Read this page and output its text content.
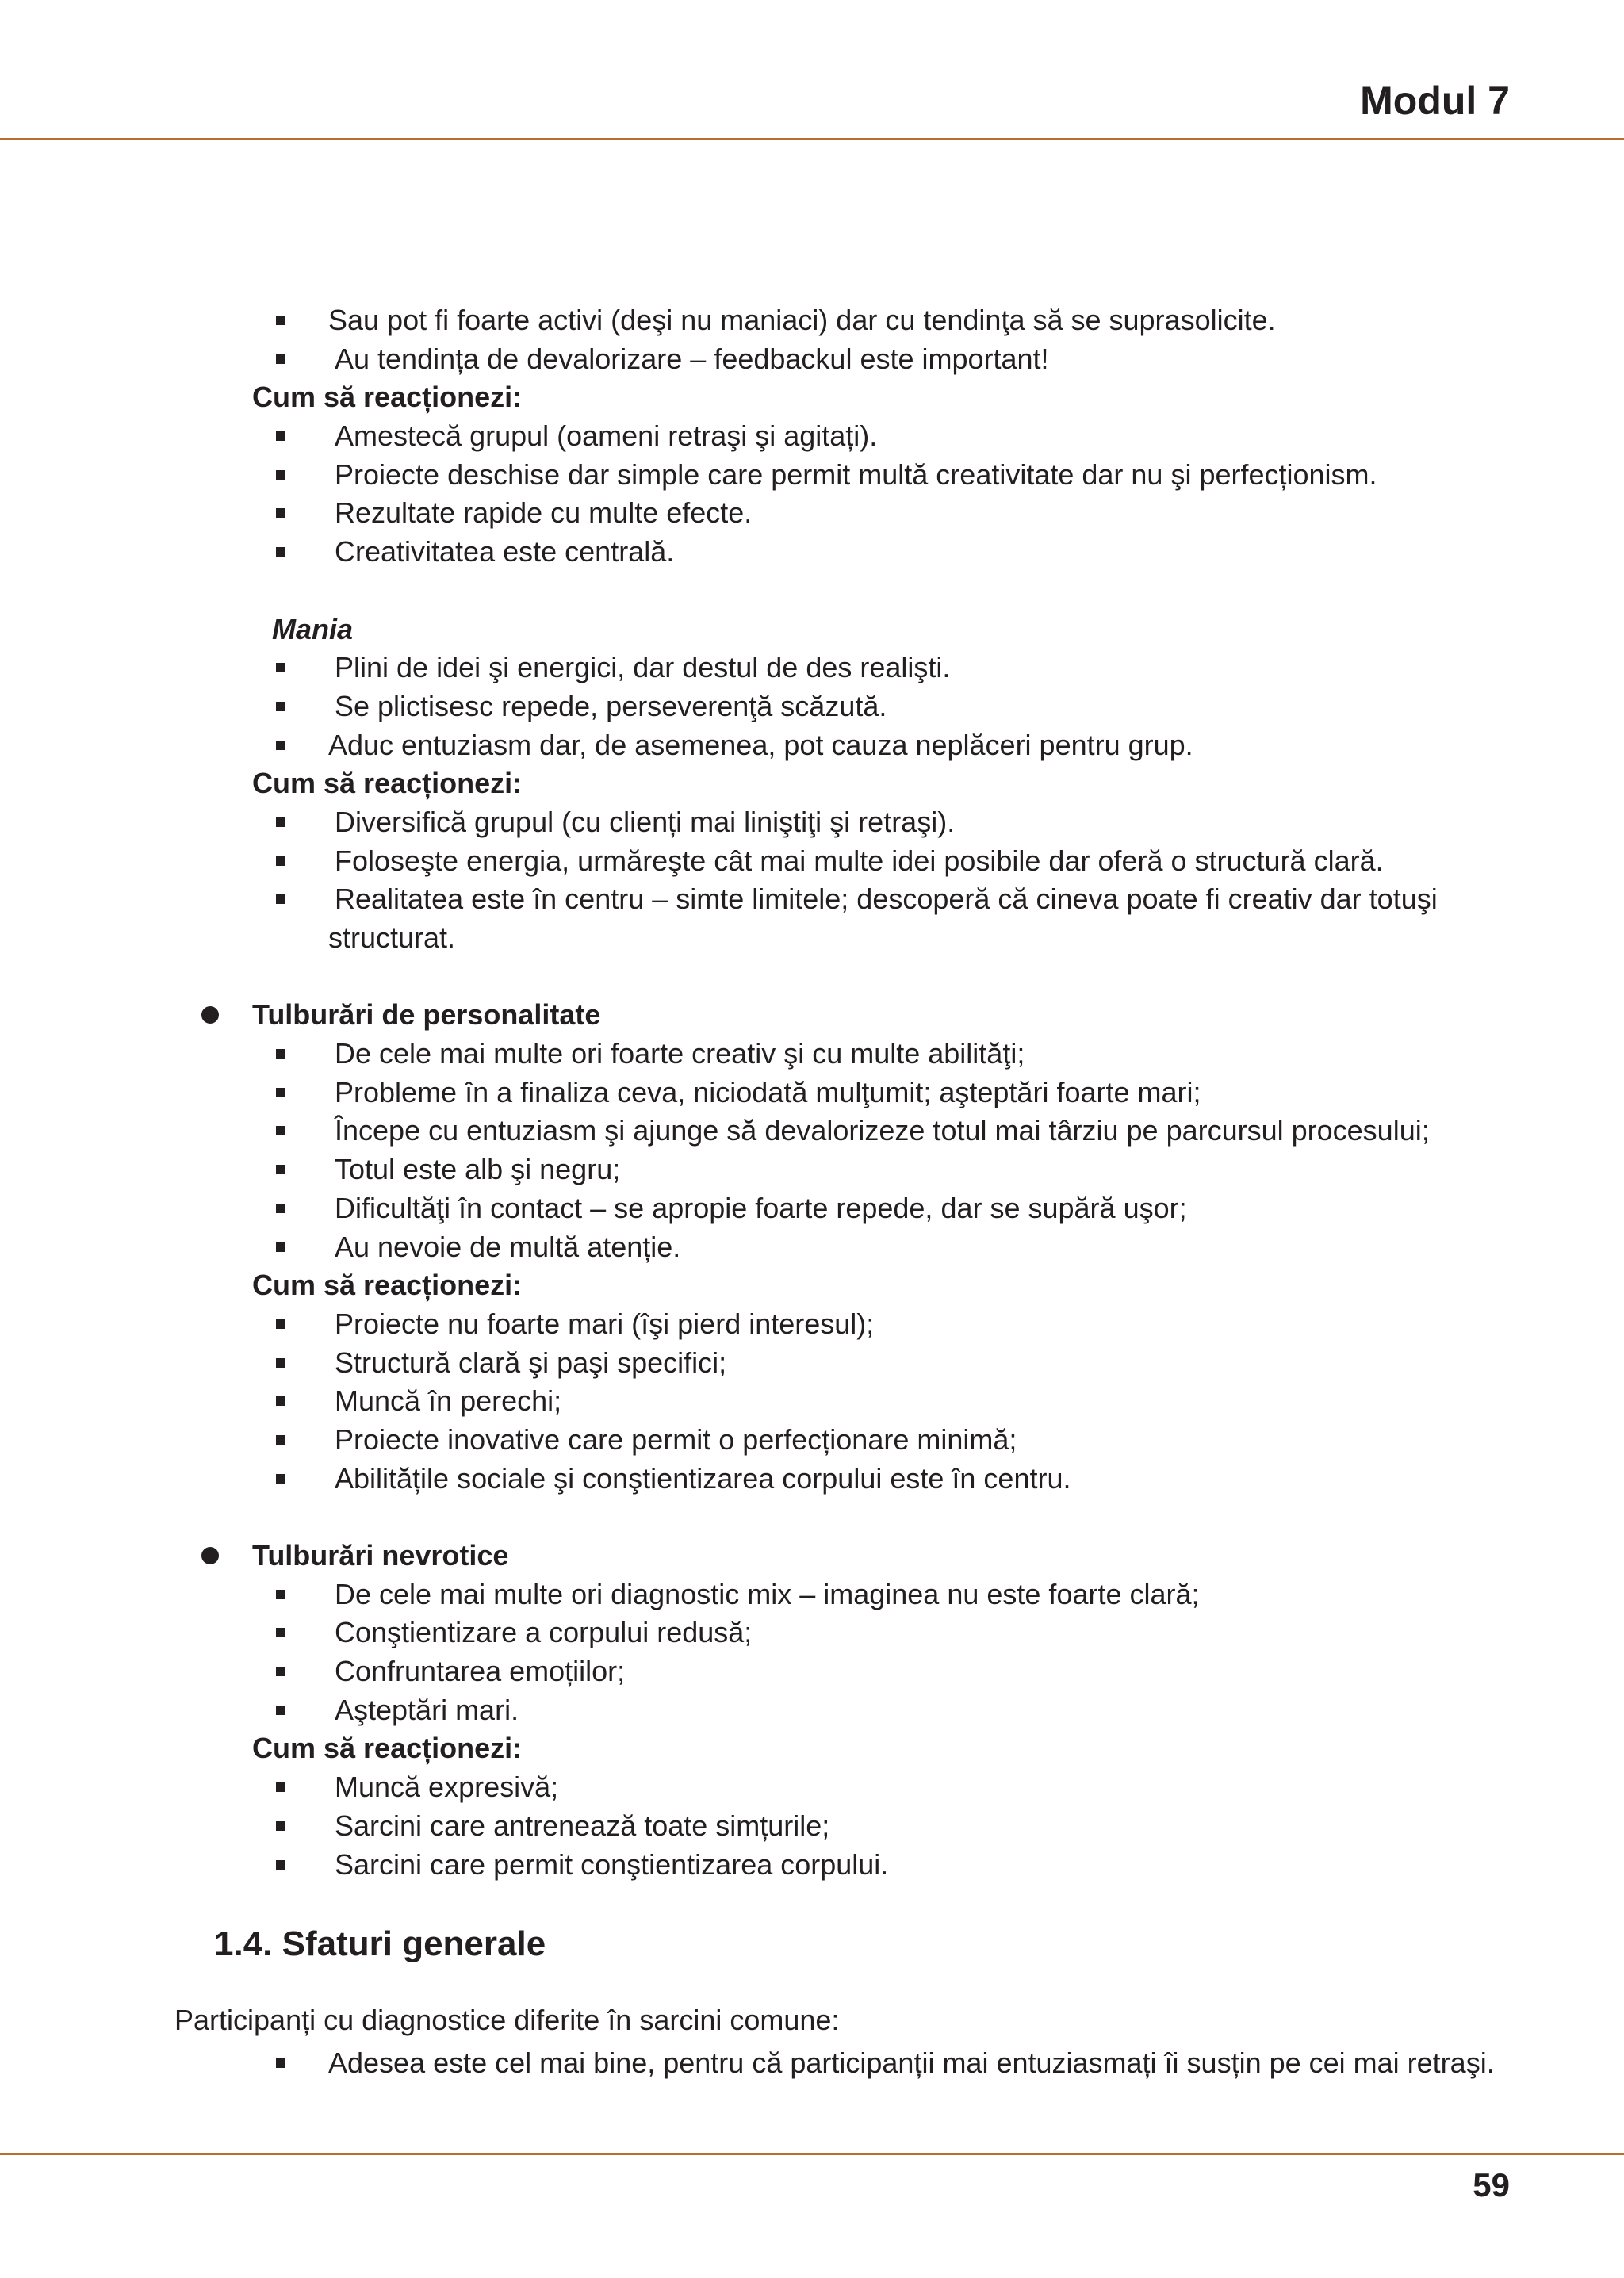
Modul 7
Sau pot fi foarte activi (deşi nu maniaci) dar cu tendinţa să se suprasolicite.
Au tendința de devalorizare – feedbackul este important!
Cum să reacționezi:
Amestecă grupul (oameni retraşi şi agitați).
Proiecte deschise dar simple care permit multă creativitate dar nu şi perfecționism.
Rezultate rapide cu multe efecte.
Creativitatea este centrală.
Mania
Plini de idei şi energici, dar destul de des realişti.
Se plictisesc repede, perseverenţă scăzută.
Aduc entuziasm dar, de asemenea, pot cauza neplăceri pentru grup.
Cum să reacționezi:
Diversifică grupul (cu clienți mai liniştiţi şi retraşi).
Foloseşte energia, urmăreşte cât mai multe idei posibile dar oferă o structură clară.
Realitatea este în centru – simte limitele; descoperă că cineva poate fi creativ dar totuşi
structurat.
Tulburări de personalitate
De cele mai multe ori foarte creativ şi cu multe abilităţi;
Probleme în a finaliza ceva, niciodată mulţumit; aşteptări foarte mari;
Începe cu entuziasm şi ajunge să devalorizeze totul mai târziu pe parcursul procesului;
Totul este alb şi negru;
Dificultăţi în contact – se apropie foarte repede, dar se supără uşor;
Au nevoie de multă atenție.
Cum să reacționezi:
Proiecte nu foarte mari (îşi pierd interesul);
Structură clară şi paşi specifici;
Muncă în perechi;
Proiecte inovative care permit o perfecționare minimă;
Abilitățile sociale şi conştientizarea corpului este în centru.
Tulburări nevrotice
De cele mai multe ori diagnostic mix – imaginea nu este foarte clară;
Conştientizare a corpului redusă;
Confruntarea emoțiilor;
Aşteptări mari.
Cum să reacționezi:
Muncă expresivă;
Sarcini care antrenează toate simțurile;
Sarcini care permit conştientizarea corpului.
1.4. Sfaturi generale
Participanți cu diagnostice diferite în sarcini comune:
Adesea este cel mai bine, pentru că participanții mai entuziasmați îi susțin pe cei mai retraşi.
59
